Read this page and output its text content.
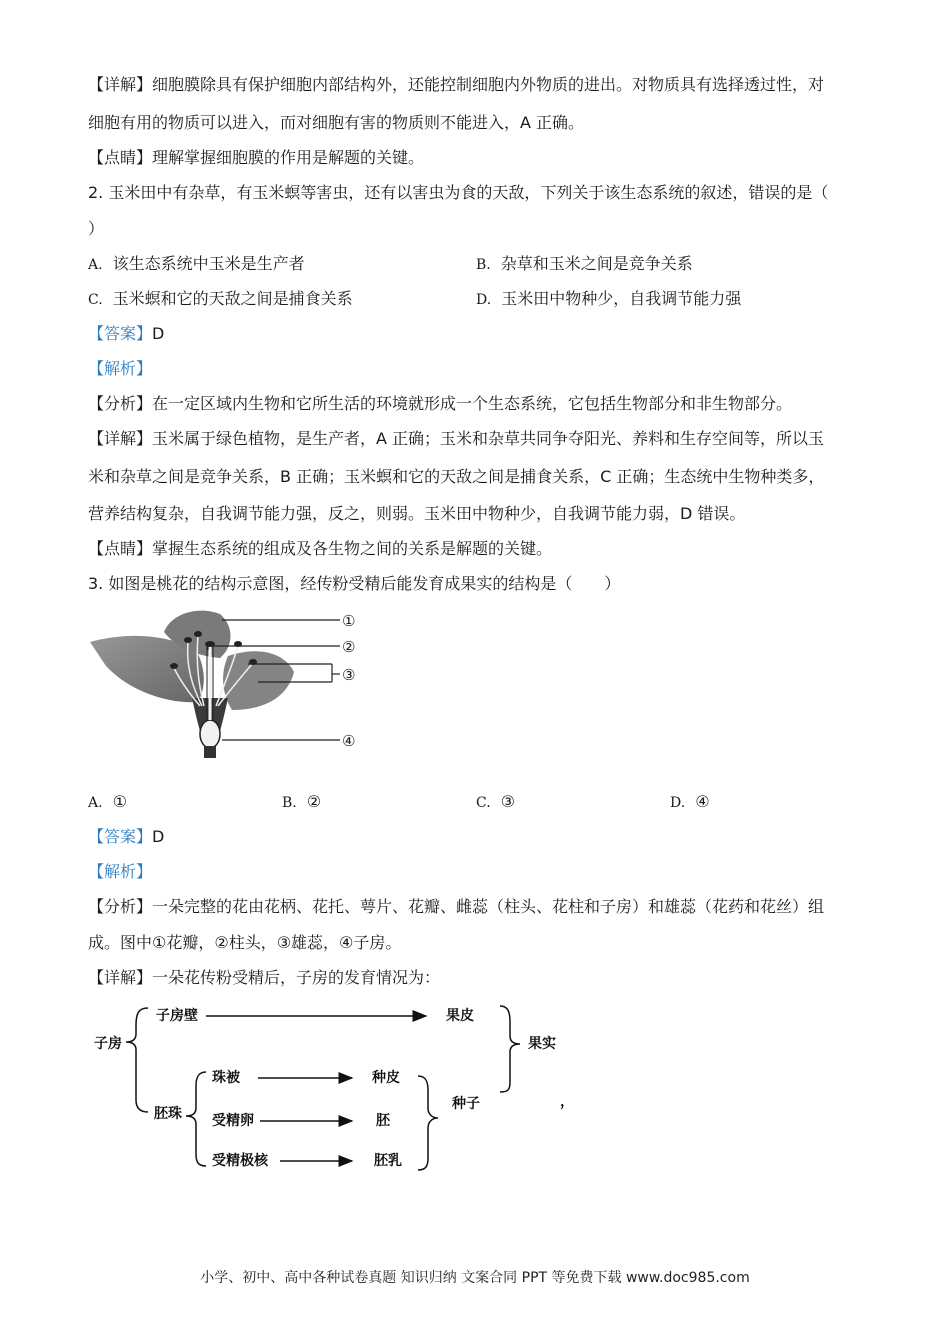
【详解】细胞膜除具有保护细胞内部结构外，还能控制细胞内外物质的进出。对物质具有选择透过性，对
细胞有用的物质可以进入，而对细胞有害的物质则不能进入，A 正确。
【点睛】理解掌握细胞膜的作用是解题的关键。
2. 玉米田中有杂草，有玉米螟等害虫，还有以害虫为食的天敌，下列关于该生态系统的叙述，错误的是（
）
A. 该生态系统中玉米是生产者	B. 杂草和玉米之间是竞争关系
C. 玉米螟和它的天敌之间是捕食关系	D. 玉米田中物种少，自我调节能力强
【答案】D
【解析】
【分析】在一定区域内生物和它所生活的环境就形成一个生态系统，它包括生物部分和非生物部分。
【详解】玉米属于绿色植物，是生产者，A 正确；玉米和杂草共同争夺阳光、养料和生存空间等，所以玉
米和杂草之间是竞争关系，B 正确；玉米螟和它的天敌之间是捕食关系，C 正确；生态统中生物种类多，
营养结构复杂，自我调节能力强，反之，则弱。玉米田中物种少，自我调节能力弱，D 错误。
【点睛】掌握生态系统的组成及各生物之间的关系是解题的关键。
3. 如图是桃花的结构示意图，经传粉受精后能发育成果实的结构是（　　）
①
②
③
④
A. ①	B. ②	C. ③	D. ④
【答案】D
【解析】
【分析】一朵完整的花由花柄、花托、萼片、花瓣、雌蕊（柱头、花柱和子房）和雄蕊（花药和花丝）组
成。图中①花瓣，②柱头，③雄蕊，④子房。
【详解】一朵花传粉受精后，子房的发育情况为：
子房
子房壁	果皮
果实
胚珠
珠被	种皮
种子
受精卵	胚
受精极核	胚乳
，
小学、初中、高中各种试卷真题 知识归纳 文案合同 PPT 等免费下载 www.doc985.com
